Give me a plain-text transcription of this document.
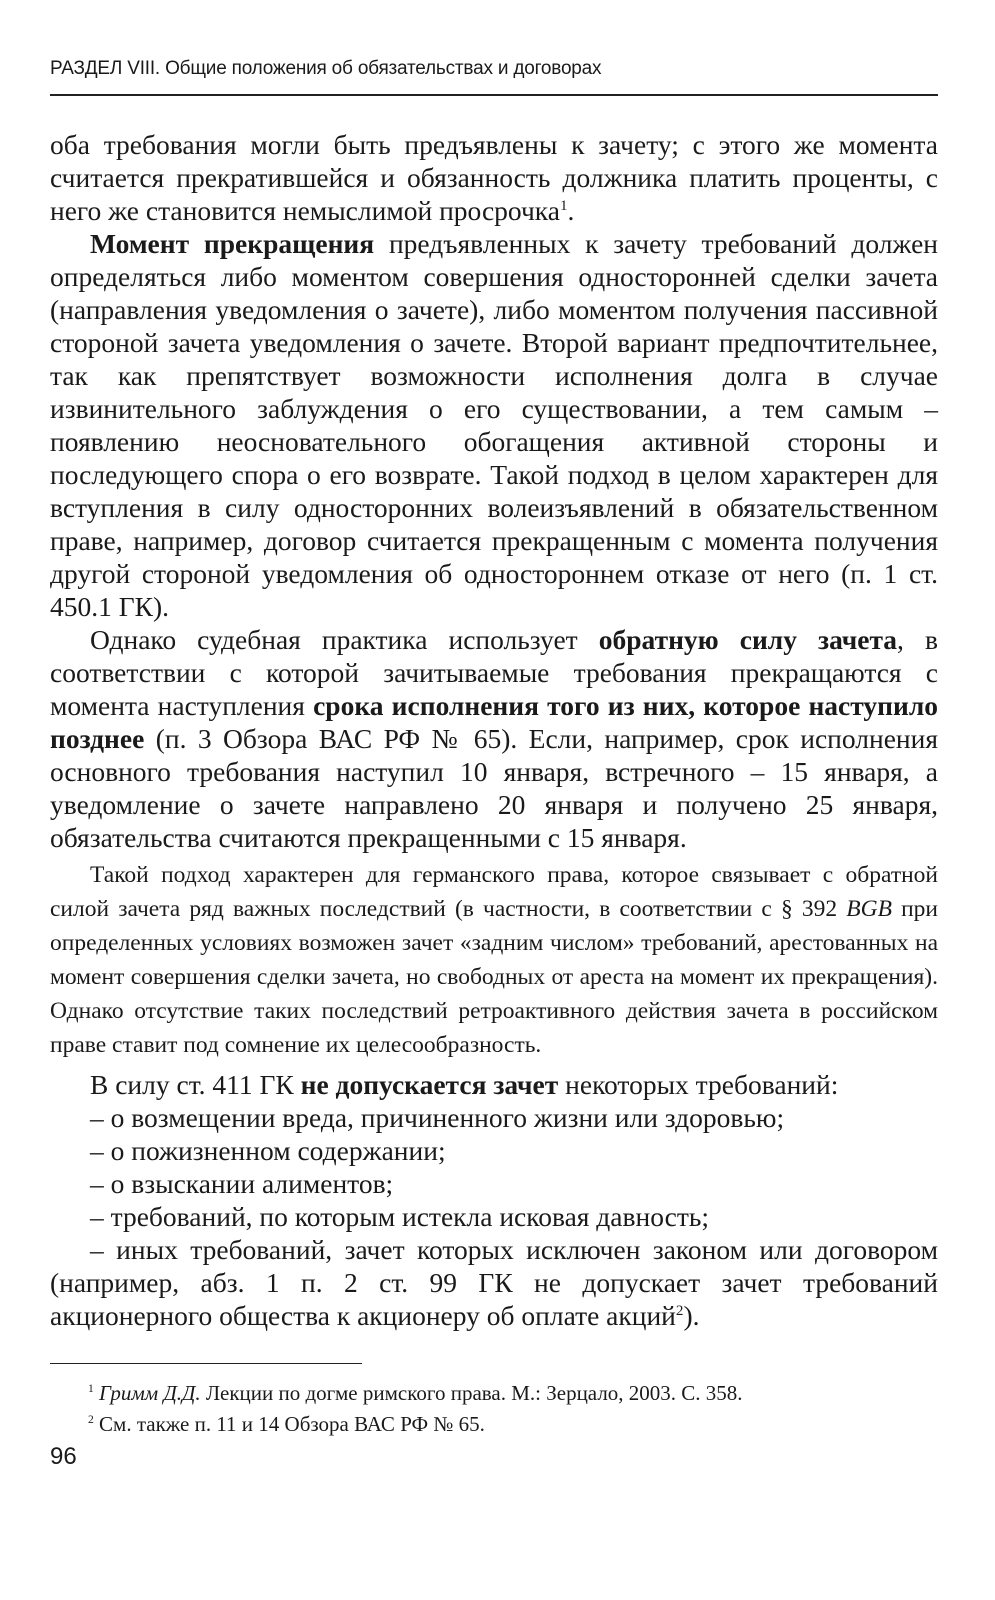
РАЗДЕЛ VIII. Общие положения об обязательствах и договорах

оба требования могли быть предъявлены к зачету; с этого же момента считается прекратившейся и обязанность должника платить проценты, с него же становится немыслимой просрочка$^1$.

Момент прекращения предъявленных к зачету требований должен определяться либо моментом совершения односторонней сделки зачета (направления уведомления о зачете), либо моментом получения пассивной стороной зачета уведомления о зачете. Второй вариант предпочтительнее, так как препятствует возможности исполнения долга в случае извинительного заблуждения о его существовании, а тем самым – появлению неосновательного обогащения активной стороны и последующего спора о его возврате. Такой подход в целом характерен для вступления в силу односторонних волеизъявлений в обязательственном праве, например, договор считается прекращенным с момента получения другой стороной уведомления об одностороннем отказе от него (п. 1 ст. 450.1 ГК).

Однако судебная практика использует обратную силу зачета, в соответствии с которой зачитываемые требования прекращаются с момента наступления срока исполнения того из них, которое наступило позднее (п. 3 Обзора ВАС РФ № 65). Если, например, срок исполнения основного требования наступил 10 января, встречного – 15 января, а уведомление о зачете направлено 20 января и получено 25 января, обязательства считаются прекращенными с 15 января.

Такой подход характерен для германского права, которое связывает с обратной силой зачета ряд важных последствий (в частности, в соответствии с § 392 BGB при определенных условиях возможен зачет «задним числом» требований, арестованных на момент совершения сделки зачета, но свободных от ареста на момент их прекращения). Однако отсутствие таких последствий ретроактивного действия зачета в российском праве ставит под сомнение их целесообразность.

В силу ст. 411 ГК не допускается зачет некоторых требований:

– о возмещении вреда, причиненного жизни или здоровью;

– о пожизненном содержании;

– о взыскании алиментов;

– требований, по которым истекла исковая давность;

– иных требований, зачет которых исключен законом или договором (например, абз. 1 п. 2 ст. 99 ГК не допускает зачет требований акционерного общества к акционеру об оплате акций$^2$).

$^1$ Гримм Д.Д. Лекции по догме римского права. М.: Зерцало, 2003. С. 358.

$^2$ См. также п. 11 и 14 Обзора ВАС РФ № 65.

96
